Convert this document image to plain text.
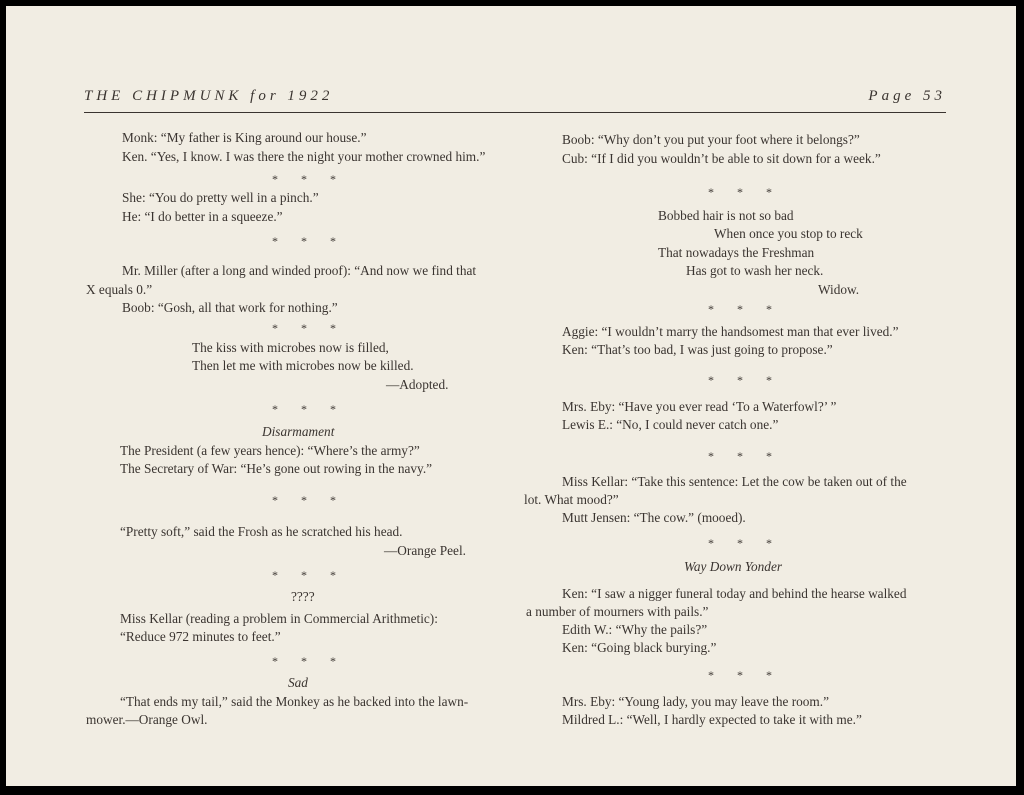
THE CHIPMUNK for 1922	Page 53
Monk: “My father is King around our house.”
Ken. “Yes, I know. I was there the night your mother crowned him.”
* * *
She: “You do pretty well in a pinch.”
He: “I do better in a squeeze.”
* * *
Mr. Miller (after a long and winded proof): “And now we find that
X equals 0.”
Boob: “Gosh, all that work for nothing.”
* * *
The kiss with microbes now is filled,
Then let me with microbes now be killed.
—Adopted.
* * *
Disarmament
The President (a few years hence): “Where’s the army?”
The Secretary of War: “He’s gone out rowing in the navy.”
* * *
“Pretty soft,” said the Frosh as he scratched his head.
—Orange Peel.
* * *
????
Miss Kellar (reading a problem in Commercial Arithmetic):
“Reduce 972 minutes to feet.”
* * *
Sad
“That ends my tail,” said the Monkey as he backed into the lawn-
mower.—Orange Owl.
Boob: “Why don’t you put your foot where it belongs?”
Cub: “If I did you wouldn’t be able to sit down for a week.”
* * *
Bobbed hair is not so bad
When once you stop to reck
That nowadays the Freshman
Has got to wash her neck.
Widow.
* * *
Aggie: “I wouldn’t marry the handsomest man that ever lived.”
Ken: “That’s too bad, I was just going to propose.”
* * *
Mrs. Eby: “Have you ever read ‘To a Waterfowl?’ ”
Lewis E.: “No, I could never catch one.”
* * *
Miss Kellar: “Take this sentence: Let the cow be taken out of the
lot. What mood?”
Mutt Jensen: “The cow.” (mooed).
* * *
Way Down Yonder
Ken: “I saw a nigger funeral today and behind the hearse walked
a number of mourners with pails.”
Edith W.: “Why the pails?”
Ken: “Going black burying.”
* * *
Mrs. Eby: “Young lady, you may leave the room.”
Mildred L.: “Well, I hardly expected to take it with me.”
